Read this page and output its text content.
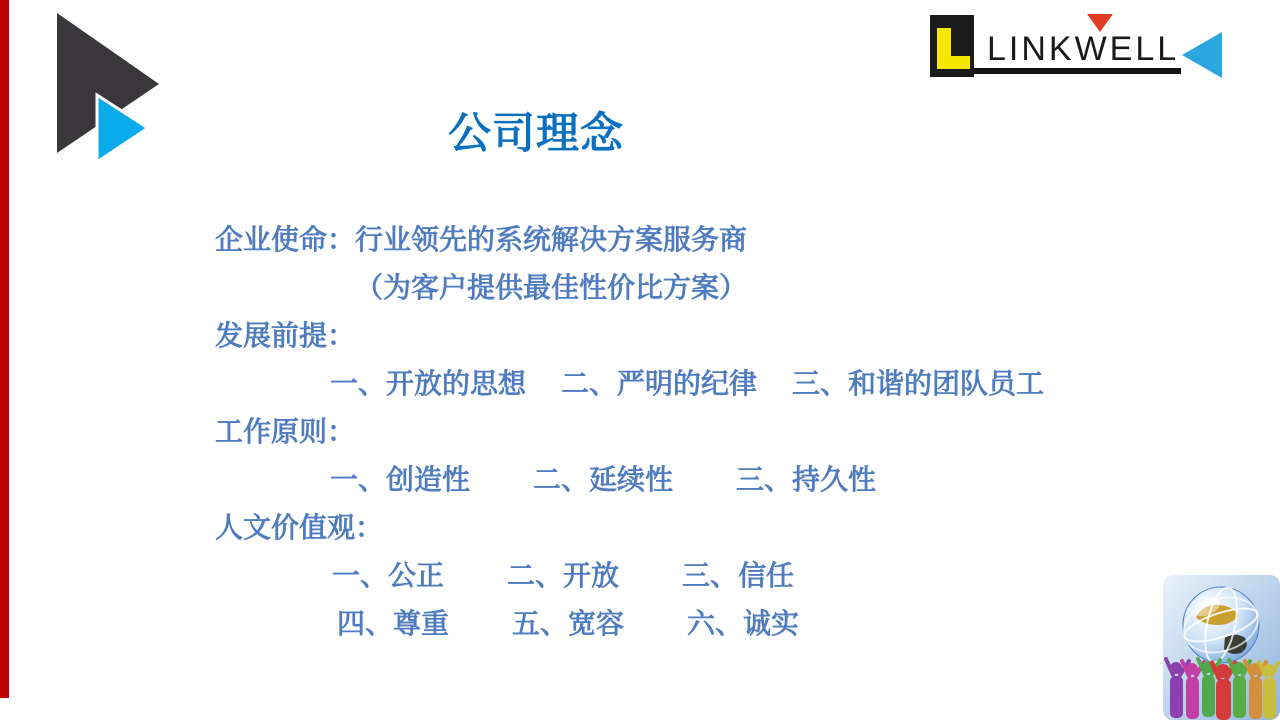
公司理念
企业使命：行业领先的系统解决方案服务商
（为客户提供最佳性价比方案）
发展前提：
一、开放的思想　 二、严明的纪律　 三、和谐的团队员工
工作原则：
一、创造性　　 二、延续性　　 三、持久性
人文价值观：
一、公正　　 二、开放　　 三、信任
四、尊重　　 五、宽容　　 六、诚实

LINKWELL
